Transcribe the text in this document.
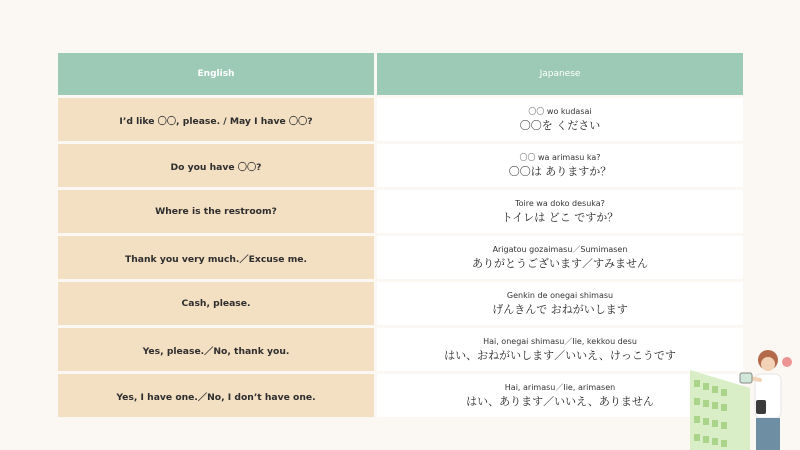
English	Japanese
I’d like 〇〇, please. / May I have 〇〇?
〇〇 wo kudasai
〇〇を ください
Do you have 〇〇?
〇〇 wa arimasu ka?
〇〇は ありますか？
Where is the restroom?
Toire wa doko desuka?
トイレは どこ ですか？
Thank you very much.／Excuse me.
Arigatou gozaimasu／Sumimasen
ありがとうございます／すみません
Cash, please.
Genkin de onegai shimasu
げんきんで おねがいします
Yes, please.／No, thank you.
Hai, onegai shimasu／Iie, kekkou desu
はい、おねがいします／いいえ、けっこうです
Yes, I have one.／No, I don’t have one.
Hai, arimasu／Iie, arimasen
はい、あります／いいえ、ありません
